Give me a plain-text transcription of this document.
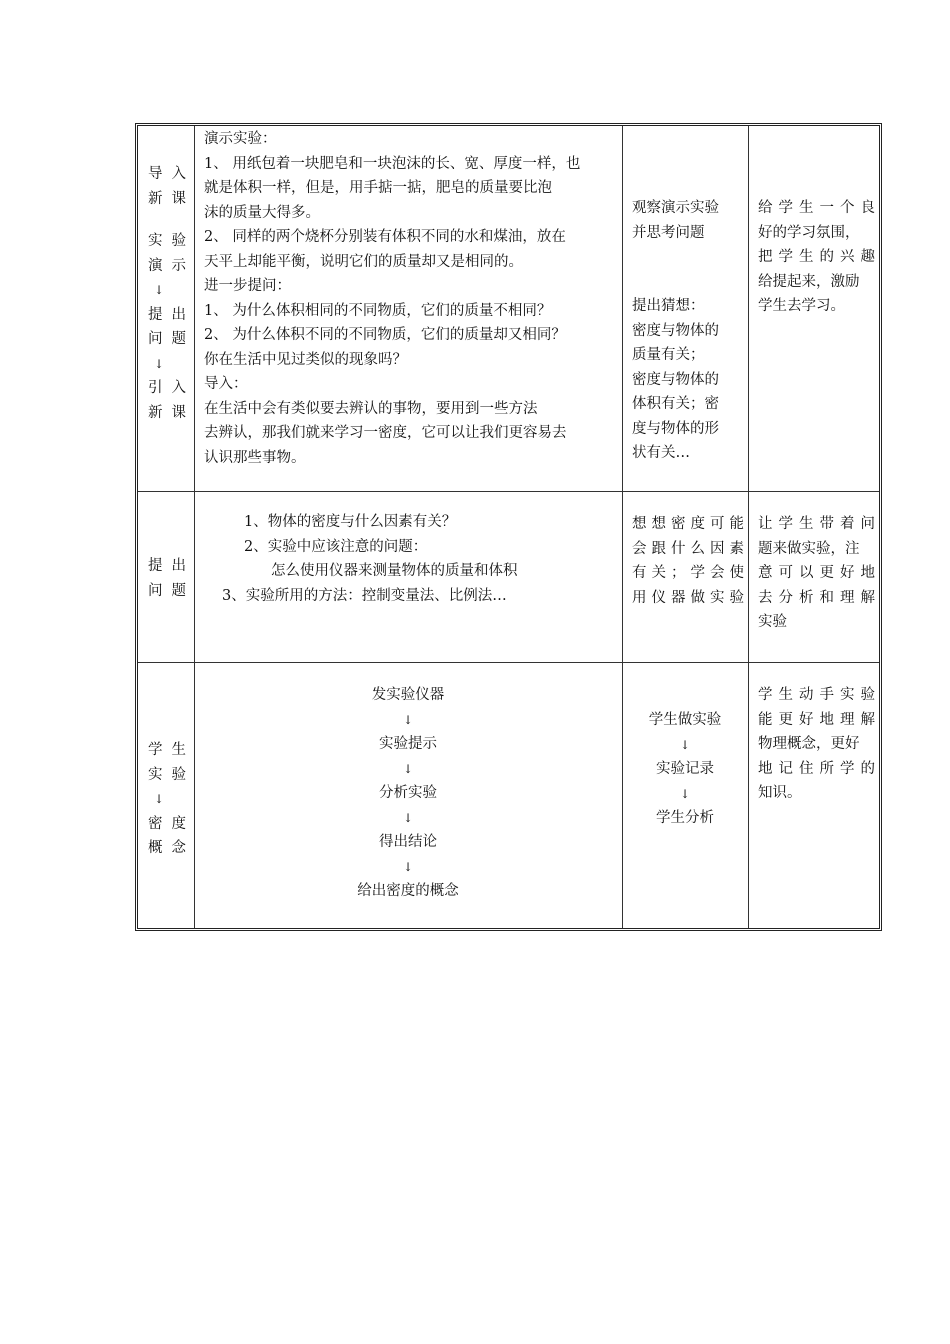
导入
新课
实验
演示
↓
提出
问题
↓
引入
新课
演示实验：
1、 用纸包着一块肥皂和一块泡沫的长、宽、厚度一样，也
就是体积一样，但是，用手掂一掂，肥皂的质量要比泡
沫的质量大得多。
2、 同样的两个烧杯分别装有体积不同的水和煤油，放在
天平上却能平衡，说明它们的质量却又是相同的。
进一步提问：
1、 为什么体积相同的不同物质，它们的质量不相同？
2、 为什么体积不同的不同物质，它们的质量却又相同？
你在生活中见过类似的现象吗？
导入：
在生活中会有类似要去辨认的事物，要用到一些方法
去辨认，那我们就来学习一密度，它可以让我们更容易去
认识那些事物。
观察演示实验
并思考问题
提出猜想：
密度与物体的
质量有关；
密度与物体的
体积有关；密
度与物体的形
状有关…
给学生一个良
好的学习氛围，
把学生的兴趣
给提起来，激励
学生去学习。
提出
问题
1、物体的密度与什么因素有关？
2、实验中应该注意的问题：
怎么使用仪器来测量物体的质量和体积
3、实验所用的方法：控制变量法、比例法…
想想密度可能
会跟什么因素
有关；学会使
用仪器做实验
让学生带着问
题来做实验，注
意可以更好地
去分析和理解
实验
学生
实验
↓
密度
概念
发实验仪器
↓
实验提示
↓
分析实验
↓
得出结论
↓
给出密度的概念
学生做实验
↓
实验记录
↓
学生分析
学生动手实验
能更好地理解
物理概念，更好
地记住所学的
知识。
